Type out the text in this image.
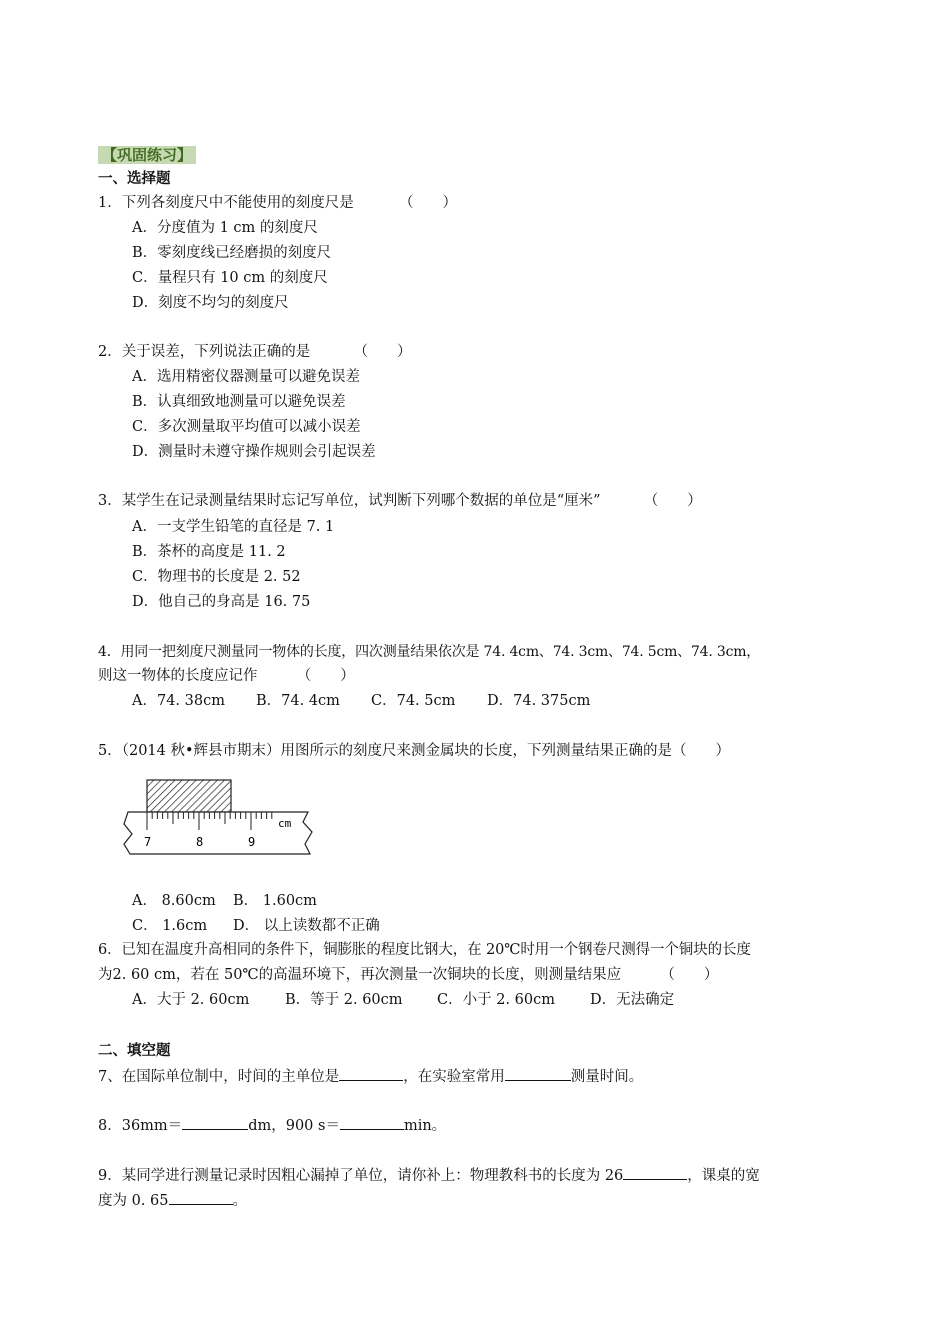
【巩固练习】
一、选择题
1．下列各刻度尺中不能使用的刻度尺是	（　　）
A．分度值为 1 cm 的刻度尺
B．零刻度线已经磨损的刻度尺
C．量程只有 10 cm 的刻度尺
D．刻度不均匀的刻度尺
2．关于误差，下列说法正确的是	（　　）
A．选用精密仪器测量可以避免误差
B．认真细致地测量可以避免误差
C．多次测量取平均值可以减小误差
D．测量时未遵守操作规则会引起误差
3．某学生在记录测量结果时忘记写单位，试判断下列哪个数据的单位是“厘米”	（　　）
A．一支学生铅笔的直径是 7. 1
B．茶杯的高度是 11. 2
C．物理书的长度是 2. 52
D．他自己的身高是 16. 75
4．用同一把刻度尺测量同一物体的长度，四次测量结果依次是 74. 4cm、74. 3cm、74. 5cm、74. 3cm，
则这一物体的长度应记作	（　　）
A．74. 38cm B．74. 4cm C．74. 5cm D．74. 375cm
5．（2014 秋•辉县市期末）用图所示的刻度尺来测金属块的长度，下列测量结果正确的是（　　）
7	8	9
cm
A． 8.60cm B． 1.60cm
C． 1.6cm D． 以上读数都不正确
6．已知在温度升高相同的条件下，铜膨胀的程度比钢大，在 20℃时用一个钢卷尺测得一个铜块的长度
为2. 60 cm，若在 50℃的高温环境下，再次测量一次铜块的长度，则测量结果应	（　　）
A．大于 2. 60cm B．等于 2. 60cm C．小于 2. 60cm D．无法确定
二、填空题
7、在国际单位制中，时间的主单位是	，在实验室常用	测量时间。
8．36mm＝	dm，900 s＝	min。
9．某同学进行测量记录时因粗心漏掉了单位，请你补上：物理教科书的长度为 26	，课桌的宽
度为 0. 65	。
